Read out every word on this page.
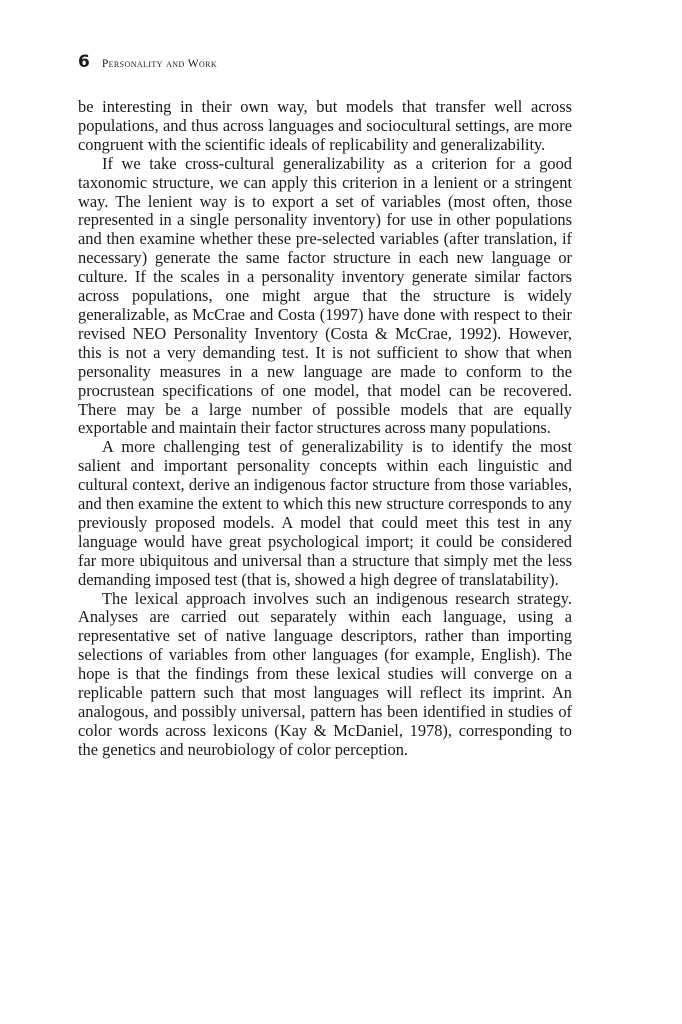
6 Personality and Work

be interesting in their own way, but models that transfer well across populations, and thus across languages and sociocultural settings, are more congruent with the scientific ideals of replicability and generalizability.

If we take cross-cultural generalizability as a criterion for a good taxonomic structure, we can apply this criterion in a lenient or a stringent way. The lenient way is to export a set of variables (most often, those represented in a single personality inventory) for use in other populations and then examine whether these pre-selected variables (after translation, if necessary) generate the same factor structure in each new language or culture. If the scales in a personality inventory generate similar factors across populations, one might argue that the structure is widely generalizable, as McCrae and Costa (1997) have done with respect to their revised NEO Personality Inventory (Costa & McCrae, 1992). However, this is not a very demanding test. It is not sufficient to show that when personality measures in a new language are made to conform to the procrustean specifications of one model, that model can be recovered. There may be a large number of possible models that are equally exportable and maintain their factor structures across many populations.

A more challenging test of generalizability is to identify the most salient and important personality concepts within each linguistic and cultural context, derive an indigenous factor structure from those variables, and then examine the extent to which this new structure corresponds to any previously proposed models. A model that could meet this test in any language would have great psychological import; it could be considered far more ubiquitous and universal than a structure that simply met the less demanding imposed test (that is, showed a high degree of translatability).

The lexical approach involves such an indigenous research strategy. Analyses are carried out separately within each language, using a representative set of native language descriptors, rather than importing selections of variables from other languages (for example, English). The hope is that the findings from these lexical studies will converge on a replicable pattern such that most languages will reflect its imprint. An analogous, and possibly universal, pattern has been identified in studies of color words across lexicons (Kay & McDaniel, 1978), corresponding to the genetics and neurobiology of color perception.
